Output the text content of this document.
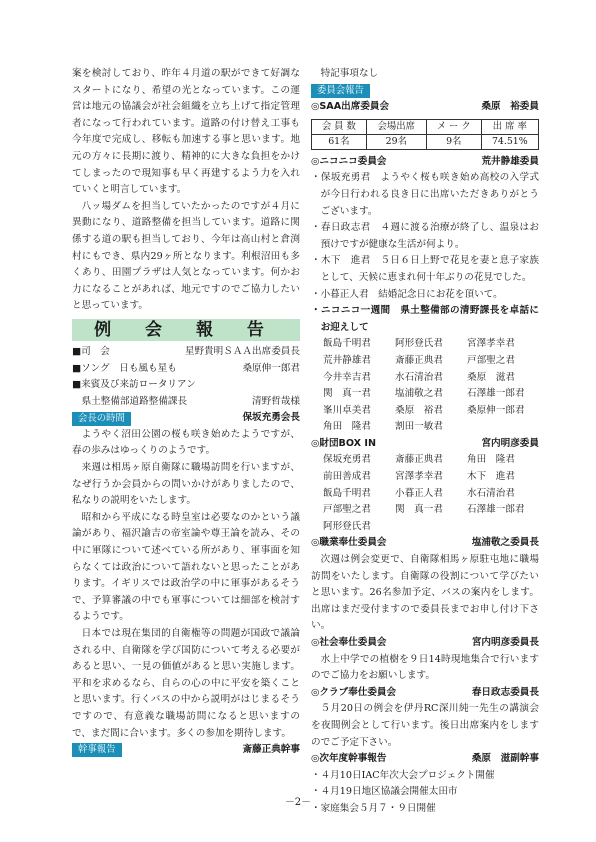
案を検討しており、昨年４月道の駅ができて好調なスタートになり、希望の光となっています。この運営は地元の協議会が社会組織を立ち上げて指定管理者になって行われています。道路の付け替え工事も今年度で完成し、移転も加速する事と思います。地元の方々に長期に渡り、精神的に大きな負担をかけてしまったので現知事も早く再建するよう力を入れていくと明言しています。

八ッ場ダムを担当していたかったのですが４月に異動になり、道路整備を担当しています。道路に関係する道の駅も担当しており、今年は高山村と倉渕村にもでき、県内29ヶ所となります。利根沼田も多くあり、田園プラザは人気となっています。何かお力になることがあれば、地元ですのでご協力したいと思っています。

例 会 報 告
■司　会	星野貴明ＳＡＡ出席委員長
■ソング　日も風も星も	桑原伸一郎君
■来賓及び来訪ロータリアン
県土整備部道路整備課長	清野哲哉様
会長の時間	保坂充勇会長

ようやく沼田公園の桜も咲き始めたようですが、春の歩みはゆっくりのようです。

来週は相馬ヶ原自衛隊に職場訪問を行いますが、なぜ行うか会員からの問いかけがありましたので、私なりの説明をいたします。

昭和から平成になる時皇室は必要なのかという議論があり、福沢諭吉の帝室論や尊王論を読み、その中に軍隊について述べている所があり、軍事面を知らなくては政治について語れないと思ったことがあります。イギリスでは政治学の中に軍事があるそうで、予算審議の中でも軍事については細部を検討するようです。

日本では現在集団的自衛権等の問題が国政で議論される中、自衛隊を学び国防について考える必要があると思い、一見の価値があると思い実施します。平和を求めるなら、自らの心の中に平安を築くことと思います。行くバスの中から説明がはじまるそうですので、有意義な職場訪問になると思いますので、まだ間に合います。多くの参加を期待します。

幹事報告	斎藤正典幹事

特記事項なし

委員会報告
◎SAA出席委員会	桑原　裕委員
会 員 数	会場出席	メ ー ク	出 席 率
61名	29名	9名	74.51%
◎ニコニコ委員会	荒井静雄委員

・保坂充勇君　ようやく桜も咲き始め高校の入学式が今日行われる良き日に出席いただきありがとうございます。

・春日政志君　４週に渡る治療が終了し、温泉はお預けですが健康な生活が何より。

・木下　進君　５日６日上野で花見を妻と息子家族として、天候に恵まれ何十年ぶりの花見でした。

・小暮正人君　結婚記念日にお花を頂いて。

・ニコニコ一週間　県土整備部の清野課長を卓話にお迎えして

飯島千明君	阿形登氏君	宮澤孝幸君
荒井静雄君	斎藤正典君	戸部聖之君
今井幸吉君	水石清治君	桑原　滋君
関　真一君	塩浦敬之君	石澤雄一郎君
峯川卓美君	桑原　裕君	桑原伸一郎君
角田　隆君	割田一敏君
◎財団BOX IN	宮内明彦委員
保坂充勇君	斎藤正典君	角田　隆君
前田善成君	宮澤孝幸君	木下　進君
飯島千明君	小暮正人君	水石清治君
戸部聖之君	関　真一君	石澤雄一郎君
阿形登氏君
◎職業奉仕委員会	塩浦敬之委員長

次週は例会変更で、自衛隊相馬ヶ原駐屯地に職場訪問をいたします。自衛隊の役割について学びたいと思います。26名参加予定、バスの案内をします。出席はまだ受付ますので委員長までお申し付け下さい。

◎社会奉仕委員会	宮内明彦委員長

水上中学での植樹を９日14時現地集合で行いますのでご協力をお願いします。

◎クラブ奉仕委員会	春日政志委員長

５月20日の例会を伊丹RC深川純一先生の講演会を夜間例会として行います。後日出席案内をしますのでご予定下さい。

◎次年度幹事報告	桑原　滋副幹事

・４月10日IAC年次大会プロジェクト開催

・４月19日地区協議会開催太田市

・家庭集会５月７・９日開催

－2－
